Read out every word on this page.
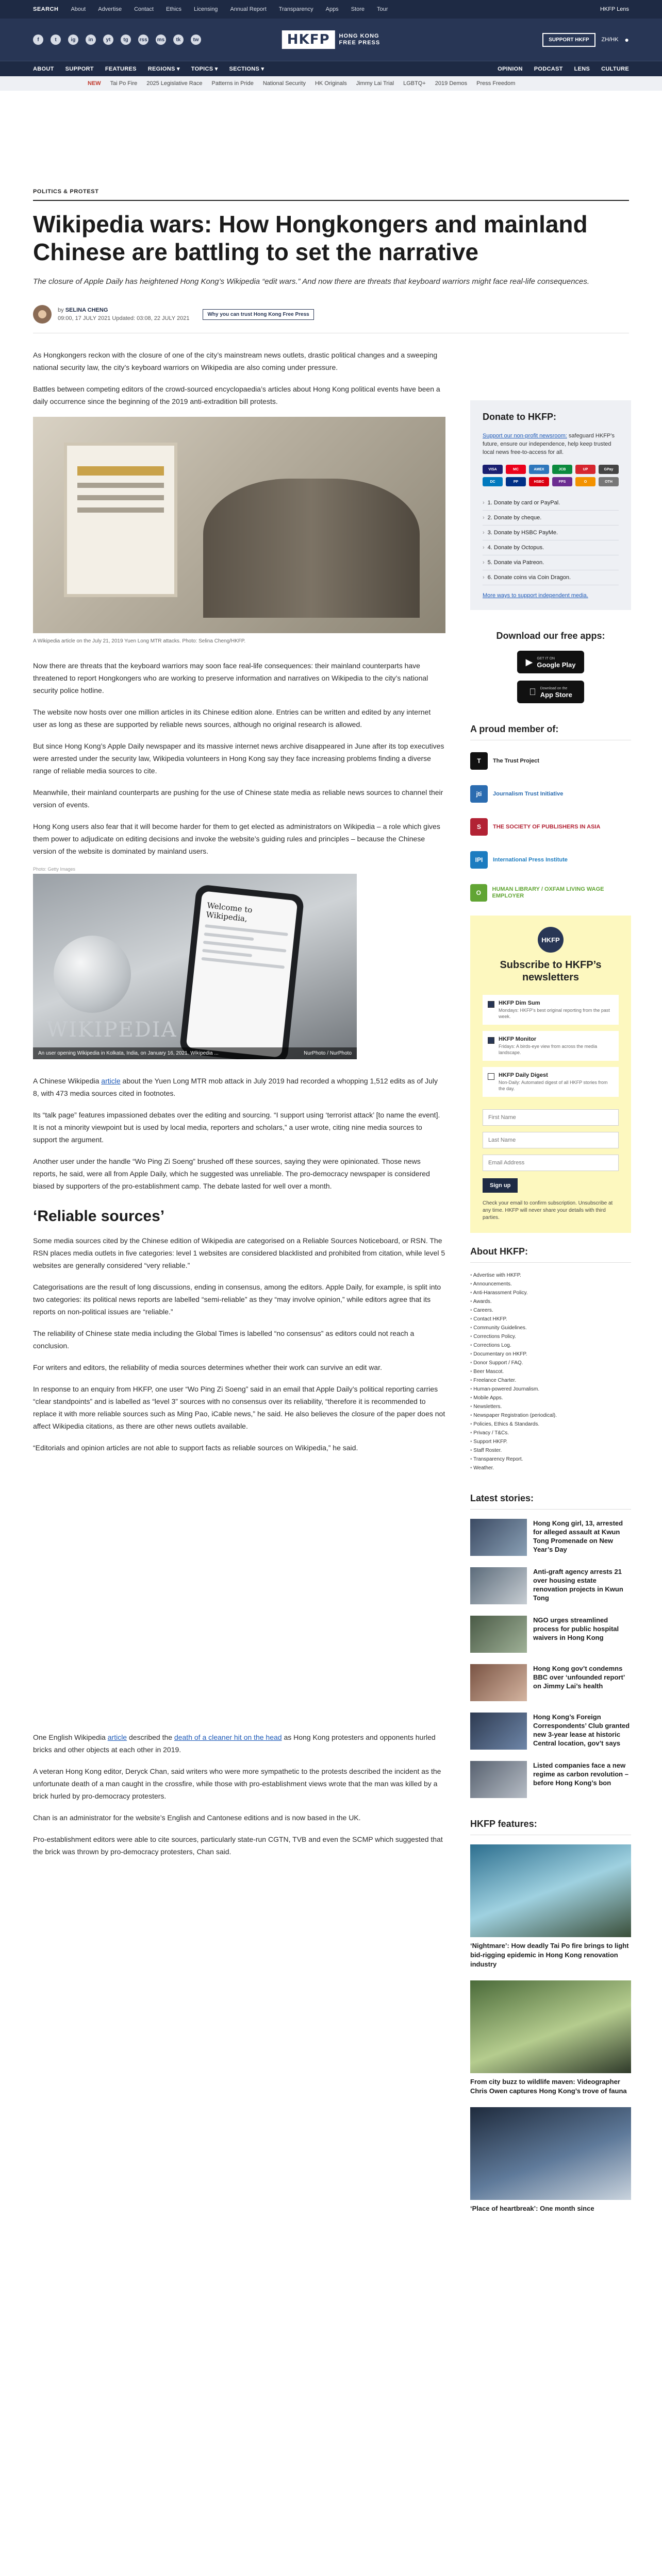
SEARCH About Advertise Contact Ethics Licensing Annual Report Transparency Apps Store Tour	HKFP Lens
f	t	ig	in	yt	tg	rss ms	tk	tw	HKFP	HONG KONG
FREE PRESS	SUPPORT HKFP	ZH/HK ●
ABOUT SUPPORT FEATURES REGIONS ▾ TOPICS ▾ SECTIONS ▾	OPINION PODCAST LENS CULTURE
NEW Tai Po Fire 2025 Legislative Race Patterns in Pride National Security HK Originals Jimmy Lai Trial LGBTQ+ 2019 Demos Press Freedom
POLITICS & PROTEST
Wikipedia wars: How Hongkongers and mainland Chinese are battling to set the narrative

The closure of Apple Daily has heightened Hong Kong’s Wikipedia “edit wars.” And now there are threats that keyboard warriors might face real-life consequences.

by SELINA CHENG
09:00, 17 JULY 2021 Updated: 03:08, 22 JULY 2021
Why you can trust Hong Kong Free Press

As Hongkongers reckon with the closure of one of the city’s mainstream news outlets, drastic political changes and a sweeping national security law, the city’s keyboard warriors on Wikipedia are also coming under pressure.

Battles between competing editors of the crowd-sourced encyclopaedia’s articles about Hong Kong political events have been a daily occurrence since the beginning of the 2019 anti-extradition bill protests.

A Wikipedia article on the July 21, 2019 Yuen Long MTR attacks. Photo: Selina Cheng/HKFP.

Now there are threats that the keyboard warriors may soon face real-life consequences: their mainland counterparts have threatened to report Hongkongers who are working to preserve information and narratives on Wikipedia to the city’s national security police hotline.

The website now hosts over one million articles in its Chinese edition alone. Entries can be written and edited by any internet user as long as these are supported by reliable news sources, although no original research is allowed.

But since Hong Kong’s Apple Daily newspaper and its massive internet news archive disappeared in June after its top executives were arrested under the security law, Wikipedia volunteers in Hong Kong say they face increasing problems finding a diverse range of reliable media sources to cite.

Meanwhile, their mainland counterparts are pushing for the use of Chinese state media as reliable news sources to channel their version of events.

Hong Kong users also fear that it will become harder for them to get elected as administrators on Wikipedia – a role which gives them power to adjudicate on editing decisions and invoke the website’s guiding rules and principles – because the Chinese version of the website is dominated by mainland users.

Photo: Getty Images
WIKIPEDIA
Welcome to Wikipedia,
An user opening Wikipedia in Kolkata, India, on January 16, 2021. Wikipedia ...	NurPhoto / NurPhoto

A Chinese Wikipedia article about the Yuen Long MTR mob attack in July 2019 had recorded a whopping 1,512 edits as of July 8, with 473 media sources cited in footnotes.

Its “talk page” features impassioned debates over the editing and sourcing. “I support using ‘terrorist attack’ [to name the event]. It is not a minority viewpoint but is used by local media, reporters and scholars,” a user wrote, citing nine media sources to support the argument.

Another user under the handle “Wo Ping Zi Soeng” brushed off these sources, saying they were opinionated. Those news reports, he said, were all from Apple Daily, which he suggested was unreliable. The pro-democracy newspaper is considered biased by supporters of the pro-establishment camp. The debate lasted for well over a month.

‘Reliable sources’

Some media sources cited by the Chinese edition of Wikipedia are categorised on a Reliable Sources Noticeboard, or RSN. The RSN places media outlets in five categories: level 1 websites are considered blacklisted and prohibited from citation, while level 5 websites are generally considered “very reliable.”

Categorisations are the result of long discussions, ending in consensus, among the editors. Apple Daily, for example, is split into two categories: its political news reports are labelled “semi-reliable” as they “may involve opinion,” while editors agree that its reports on non-political issues are “reliable.”

The reliability of Chinese state media including the Global Times is labelled “no consensus” as editors could not reach a conclusion.

For writers and editors, the reliability of media sources determines whether their work can survive an edit war.

In response to an enquiry from HKFP, one user “Wo Ping Zi Soeng” said in an email that Apple Daily’s political reporting carries “clear standpoints” and is labelled as “level 3” sources with no consensus over its reliability, “therefore it is recommended to replace it with more reliable sources such as Ming Pao, iCable news,” he said. He also believes the closure of the paper does not affect Wikipedia citations, as there are other news outlets available.

“Editorials and opinion articles are not able to support facts as reliable sources on Wikipedia,” he said.

One English Wikipedia article described the death of a cleaner hit on the head as Hong Kong protesters and opponents hurled bricks and other objects at each other in 2019.

A veteran Hong Kong editor, Deryck Chan, said writers who were more sympathetic to the protests described the incident as the unfortunate death of a man caught in the crossfire, while those with pro-establishment views wrote that the man was killed by a brick hurled by pro-democracy protesters.

Chan is an administrator for the website’s English and Cantonese editions and is now based in the UK.

Pro-establishment editors were able to cite sources, particularly state-run CGTN, TVB and even the SCMP which suggested that the brick was thrown by pro-democracy protesters, Chan said.

Donate to HKFP:

Support our non-profit newsroom: safeguard HKFP’s future, ensure our independence, help keep trusted local news free-to-access for all.

VISA	MC	AMEX	JCB	UP	GPay
DC	PP	HSBC	FPS	O	OTH
› 1. Donate by card or PayPal.
› 2. Donate by cheque.
› 3. Donate by HSBC PayMe.
› 4. Donate by Octopus.
› 5. Donate via Patreon.
› 6. Donate coins via Coin Dragon.
More ways to support independent media.
Download our free apps:
▶ GET IT ON
Google Play
Download on the
App Store
A proud member of:
T	The Trust Project
jti	Journalism Trust Initiative
S	THE SOCIETY OF PUBLISHERS IN ASIA
IPI	International Press Institute
O	HUMAN LIBRARY / OXFAM LIVING WAGE EMPLOYER
HKFP
Subscribe to HKFP’s newsletters
HKFP Dim Sum
Mondays: HKFP’s best original reporting from the past week.
HKFP Monitor
Fridays: A birds-eye view from across the media landscape.
HKFP Daily Digest
Non-Daily: Automated digest of all HKFP stories from the day.
First Name Last Name Email Address Sign up

Check your email to confirm subscription. Unsubscribe at any time. HKFP will never share your details with third parties.

About HKFP:
• Advertise with HKFP.
• Announcements.
• Anti-Harassment Policy.
• Awards.
• Careers.
• Contact HKFP.
• Community Guidelines.
• Corrections Policy.
• Corrections Log.
• Documentary on HKFP.
• Donor Support / FAQ.
• Beer Mascot.
• Freelance Charter.
• Human-powered Journalism.
• Mobile Apps.
• Newsletters.
• Newspaper Registration (periodical).
• Policies, Ethics & Standards.
• Privacy / T&Cs.
• Support HKFP.
• Staff Roster.
• Transparency Report.
• Weather.
Latest stories:
Hong Kong girl, 13, arrested for alleged assault at Kwun Tong Promenade on New Year’s Day
Anti-graft agency arrests 21 over housing estate renovation projects in Kwun Tong
NGO urges streamlined process for public hospital waivers in Hong Kong
Hong Kong gov’t condemns BBC over ‘unfounded report’ on Jimmy Lai’s health
Hong Kong’s Foreign Correspondents’ Club granted new 3-year lease at historic Central location, gov’t says
Listed companies face a new regime as carbon revolution – before Hong Kong’s bon
HKFP features:
‘Nightmare’: How deadly Tai Po fire brings to light bid-rigging epidemic in Hong Kong renovation industry
From city buzz to wildlife maven: Videographer Chris Owen captures Hong Kong’s trove of fauna
‘Place of heartbreak’: One month since
